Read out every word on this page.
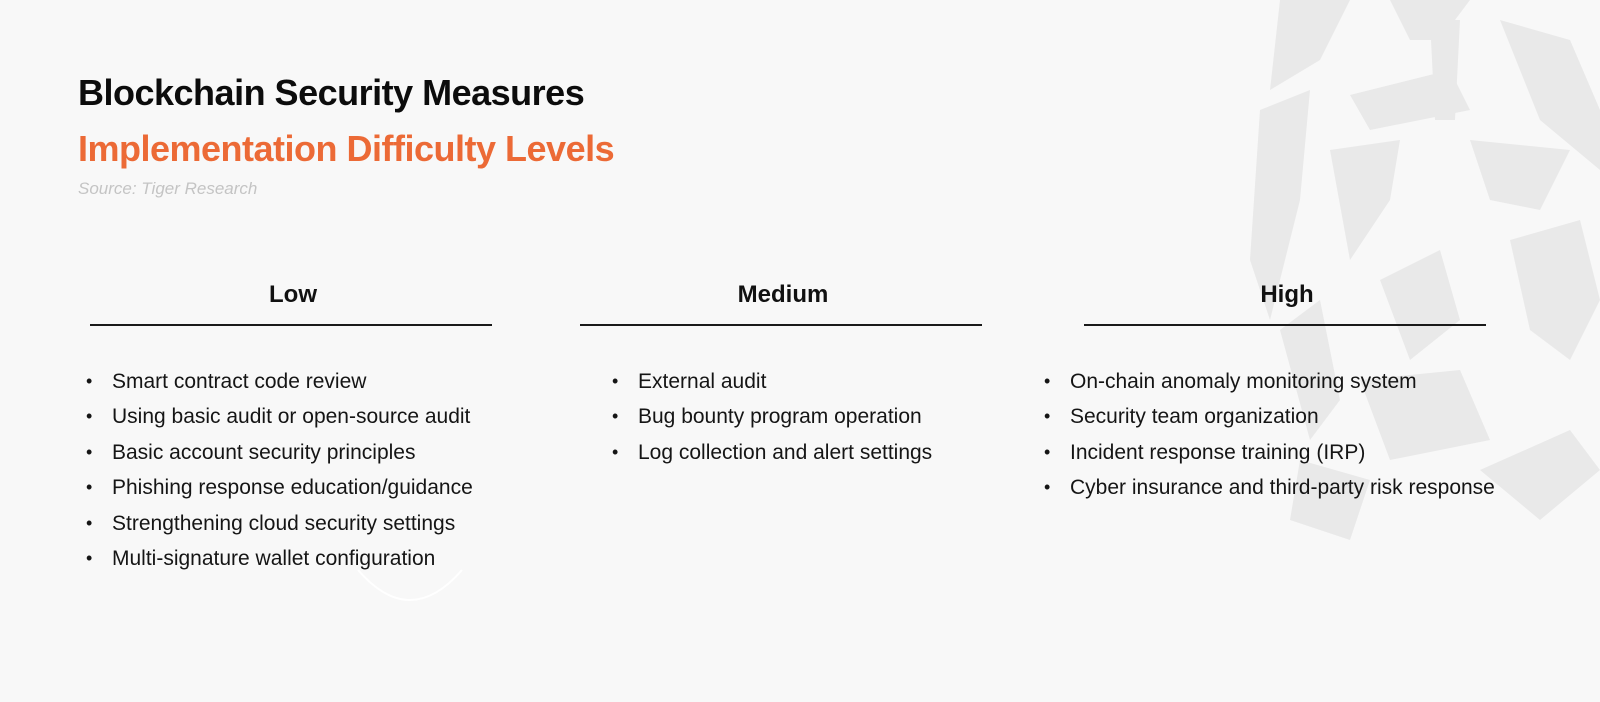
Blockchain Security Measures
Implementation Difficulty Levels
Source: Tiger Research
Low
• Smart contract code review
• Using basic audit or open-source audit
• Basic account security principles
• Phishing response education/guidance
• Strengthening cloud security settings
• Multi-signature wallet configuration
Medium
• External audit
• Bug bounty program operation
• Log collection and alert settings
High
• On-chain anomaly monitoring system
• Security team organization
• Incident response training (IRP)
• Cyber insurance and third-party risk response
